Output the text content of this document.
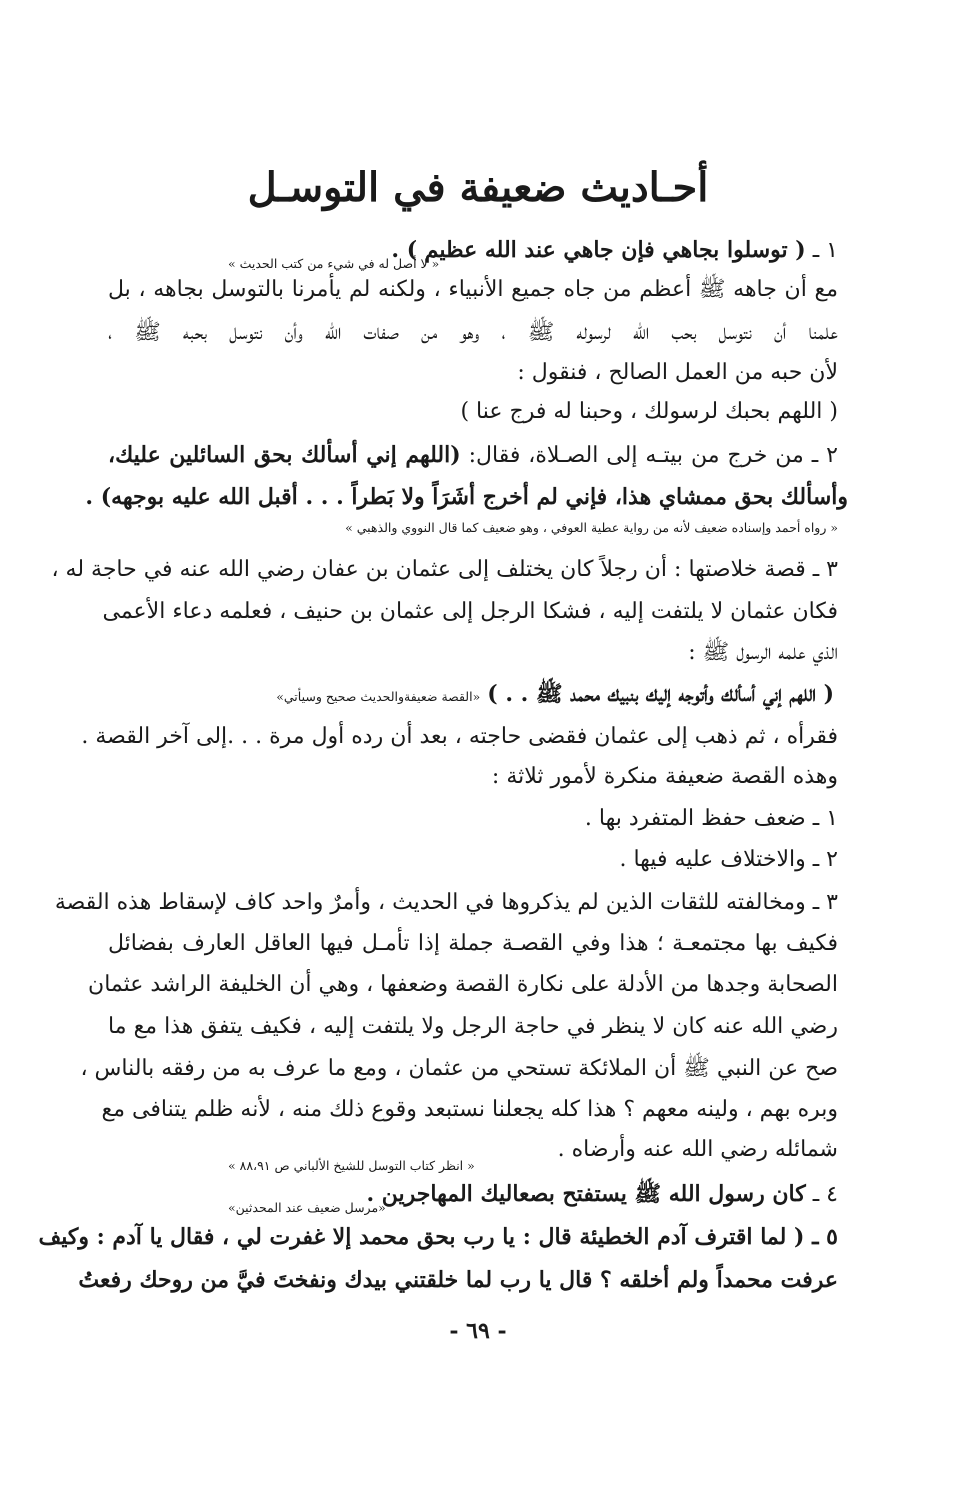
أحـاديث ضعيفة في التوسـل
١ ـ ( توسلوا بجاهي فإن جاهي عند الله عظيم ) .
« لا أصل له في شيء من كتب الحديث »
مع أن جاهه ﷺ أعظم من جاه جميع الأنبياء ، ولكنه لم يأمرنا بالتوسل بجاهه ، بل
علمنا أن نتوسل بحب الله لرسوله ﷺ ، وهو من صفات الله وأن نتوسل بحبه ﷺ ،
لأن حبه من العمل الصالح ، فنقول :
( اللهم بحبك لرسولك ، وحبنا له فرج عنا )
٢ ـ من خرج من بيتـه إلى الصـلاة، فقال: (اللهم إني أسألك بحق السائلين عليك،
وأسألك بحق ممشاي هذا، فإني لم أخرج أشَرَاً ولا بَطراً . . . أقبل الله عليه بوجهه) .
« رواه أحمد وإسناده ضعيف لأنه من رواية عطية العوفي ، وهو ضعيف كما قال النووي والذهبي »
٣ ـ قصة خلاصتها : أن رجلاً كان يختلف إلى عثمان بن عفان رضي الله عنه في حاجة له ،
فكان عثمان لا يلتفت إليه ، فشكا الرجل إلى عثمان بن حنيف ، فعلمه دعاء الأعمى
الذي علمه الرسول ﷺ :
( اللهم إني أسألك وأتوجه إليك بنبيك محمد ﷺ . . ) «القصة ضعيفةوالحديث صحيح وسيأتي»
فقرأه ، ثم ذهب إلى عثمان فقضى حاجته ، بعد أن رده أول مرة . . .إلى آخر القصة .
وهذه القصة ضعيفة منكرة لأمور ثلاثة :
١ ـ ضعف حفظ المتفرد بها .
٢ ـ والاختلاف عليه فيها .
٣ ـ ومخالفته للثقات الذين لم يذكروها في الحديث ، وأمرٌ واحد كاف لإسقاط هذه القصة
فكيف بها مجتمعـة ؛ هذا وفي القصـة جملة إذا تأمـل فيها العاقل العارف بفضائل
الصحابة وجدها من الأدلة على نكارة القصة وضعفها ، وهي أن الخليفة الراشد عثمان
رضي الله عنه كان لا ينظر في حاجة الرجل ولا يلتفت إليه ، فكيف يتفق هذا مع ما
صح عن النبي ﷺ أن الملائكة تستحي من عثمان ، ومع ما عرف به من رفقه بالناس ،
وبره بهم ، ولينه معهم ؟ هذا كله يجعلنا نستبعد وقوع ذلك منه ، لأنه ظلم يتنافى مع
شمائله رضي الله عنه وأرضاه .
« انظر كتاب التوسل للشيخ الألباني ص ٨٨،٩١ »
٤ ـ كان رسول الله ﷺ يستفتح بصعاليك المهاجرين .
«مرسل ضعيف عند المحدثين»
٥ ـ ( لما اقترف آدم الخطيئة قال : يا رب بحق محمد إلا غفرت لي ، فقال يا آدم : وكيف
عرفت محمداً ولم أخلقه ؟ قال يا رب لما خلقتني بيدك ونفختَ فيَّ من روحك رفعتُ
- ٦٩ -
